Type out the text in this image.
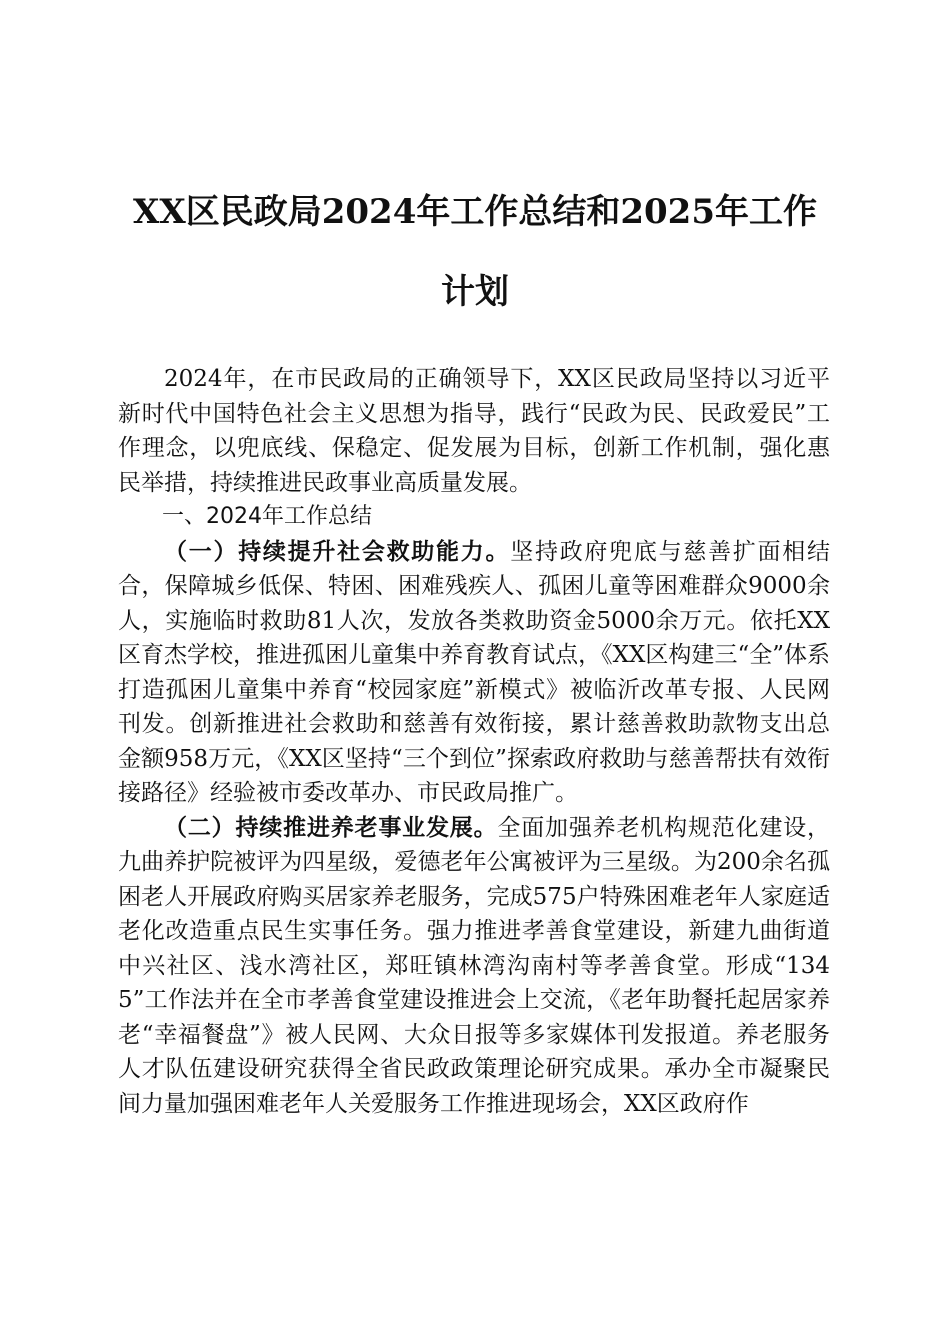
XX区民政局2024年工作总结和2025年工作
计划

2024年，在市民政局的正确领导下，XX区民政局坚持以习近平新时代中国特色社会主义思想为指导，践行“民政为民、民政爱民”工作理念，以兜底线、保稳定、促发展为目标，创新工作机制，强化惠民举措，持续推进民政事业高质量发展。

一、2024年工作总结

（一）持续提升社会救助能力。坚持政府兜底与慈善扩面相结合，保障城乡低保、特困、困难残疾人、孤困儿童等困难群众9000余人，实施临时救助81人次，发放各类救助资金5000余万元。依托XX区育杰学校，推进孤困儿童集中养育教育试点，《XX区构建三“全”体系打造孤困儿童集中养育“校园家庭”新模式》被临沂改革专报、人民网刊发。创新推进社会救助和慈善有效衔接，累计慈善救助款物支出总金额958万元，《XX区坚持“三个到位”探索政府救助与慈善帮扶有效衔接路径》经验被市委改革办、市民政局推广。

（二）持续推进养老事业发展。全面加强养老机构规范化建设，九曲养护院被评为四星级，爱德老年公寓被评为三星级。为200余名孤困老人开展政府购买居家养老服务，完成575户特殊困难老年人家庭适老化改造重点民生实事任务。强力推进孝善食堂建设，新建九曲街道中兴社区、浅水湾社区，郑旺镇林湾沟南村等孝善食堂。形成“1345”工作法并在全市孝善食堂建设推进会上交流，《老年助餐托起居家养老“幸福餐盘”》被人民网、大众日报等多家媒体刊发报道。养老服务人才队伍建设研究获得全省民政政策理论研究成果。承办全市凝聚民间力量加强困难老年人关爱服务工作推进现场会，XX区政府作
